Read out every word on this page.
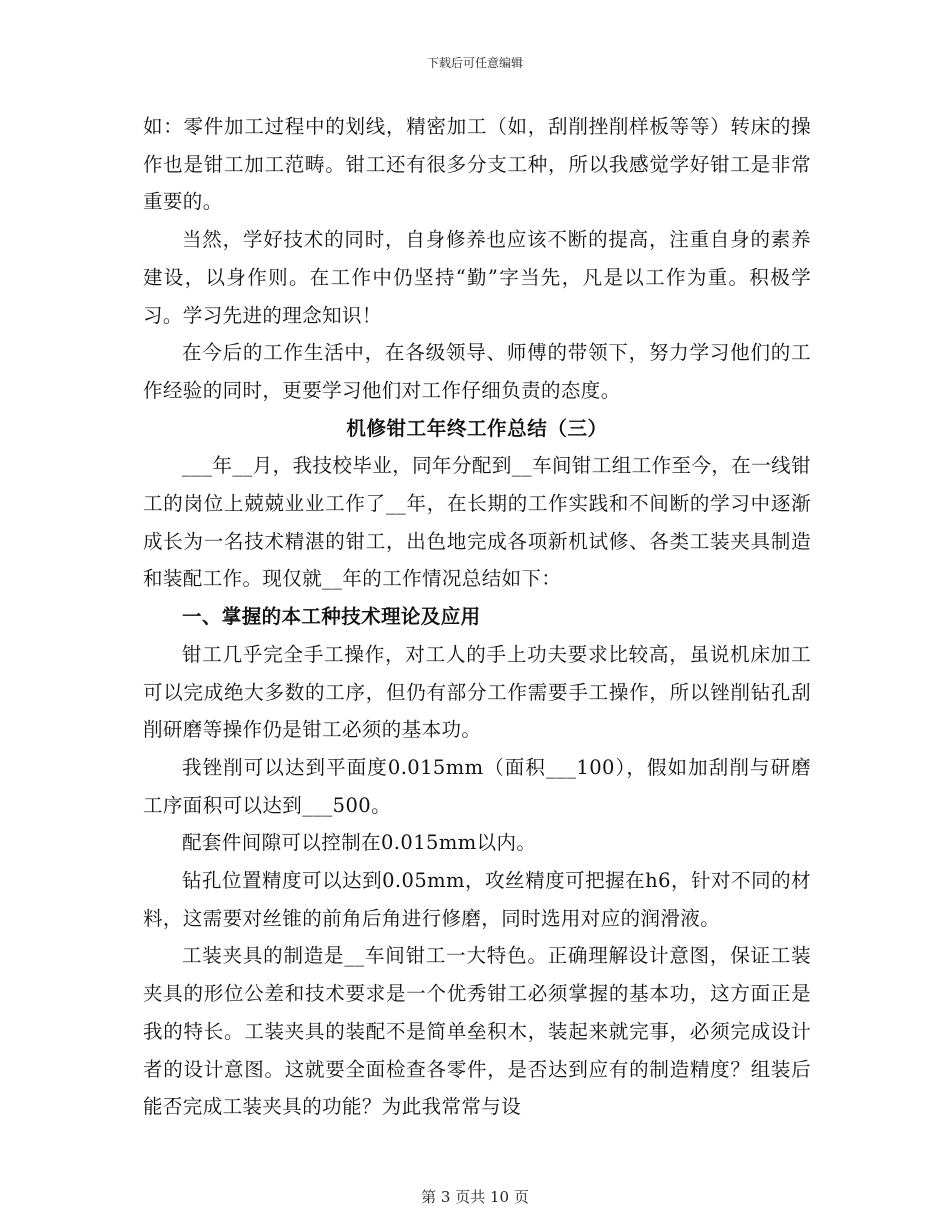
下载后可任意编辑

如：零件加工过程中的划线，精密加工（如，刮削挫削样板等等）转床的操作也是钳工加工范畴。钳工还有很多分支工种，所以我感觉学好钳工是非常重要的。

当然，学好技术的同时，自身修养也应该不断的提高，注重自身的素养建设，以身作则。在工作中仍坚持“勤”字当先，凡是以工作为重。积极学习。学习先进的理念知识！

在今后的工作生活中，在各级领导、师傅的带领下，努力学习他们的工作经验的同时，更要学习他们对工作仔细负责的态度。

机修钳工年终工作总结（三）

___年__月，我技校毕业，同年分配到__车间钳工组工作至今，在一线钳工的岗位上兢兢业业工作了__年，在长期的工作实践和不间断的学习中逐渐成长为一名技术精湛的钳工，出色地完成各项新机试修、各类工装夹具制造和装配工作。现仅就__年的工作情况总结如下：

一、掌握的本工种技术理论及应用

钳工几乎完全手工操作，对工人的手上功夫要求比较高，虽说机床加工可以完成绝大多数的工序，但仍有部分工作需要手工操作，所以锉削钻孔刮削研磨等操作仍是钳工必须的基本功。

我锉削可以达到平面度0.015mm（面积___100），假如加刮削与研磨工序面积可以达到___500。

配套件间隙可以控制在0.015mm以内。

钻孔位置精度可以达到0.05mm，攻丝精度可把握在h6，针对不同的材料，这需要对丝锥的前角后角进行修磨，同时选用对应的润滑液。

工装夹具的制造是__车间钳工一大特色。正确理解设计意图，保证工装夹具的形位公差和技术要求是一个优秀钳工必须掌握的基本功，这方面正是我的特长。工装夹具的装配不是简单垒积木，装起来就完事，必须完成设计者的设计意图。这就要全面检查各零件，是否达到应有的制造精度？组装后能否完成工装夹具的功能？为此我常常与设

第 3 页共 10 页
